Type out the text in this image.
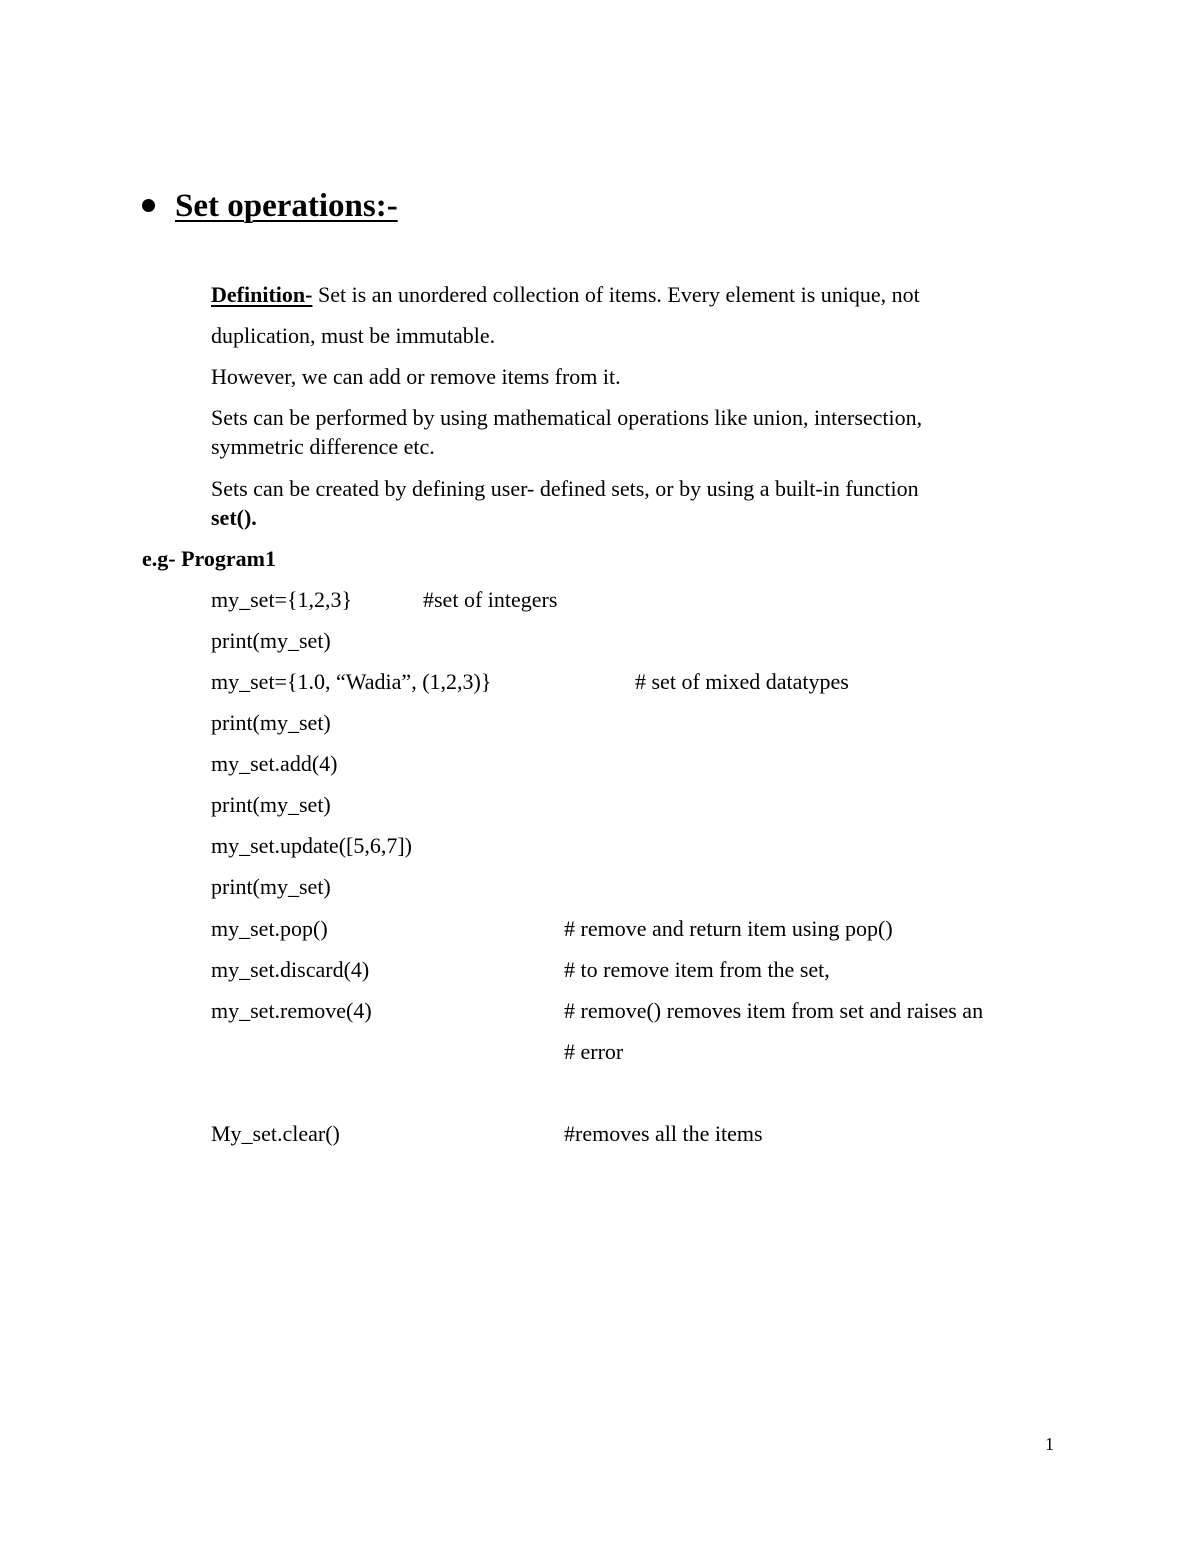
Set operations:-
Definition- Set is an unordered collection of items. Every element is unique, not
duplication, must be immutable.
However, we can add or remove items from it.
Sets can be performed by using mathematical operations like union, intersection,
symmetric difference etc.
Sets can be created by defining user- defined sets, or by using a built-in function
set().
e.g- Program1
my_set={1,2,3}	#set of integers
print(my_set)
my_set={1.0, “Wadia”, (1,2,3)}	# set of mixed datatypes
print(my_set)
my_set.add(4)
print(my_set)
my_set.update([5,6,7])
print(my_set)
my_set.pop()	# remove and return item using pop()
my_set.discard(4)	# to remove item from the set,
my_set.remove(4)	# remove() removes item from set and raises an
# error
My_set.clear()	#removes all the items
1
